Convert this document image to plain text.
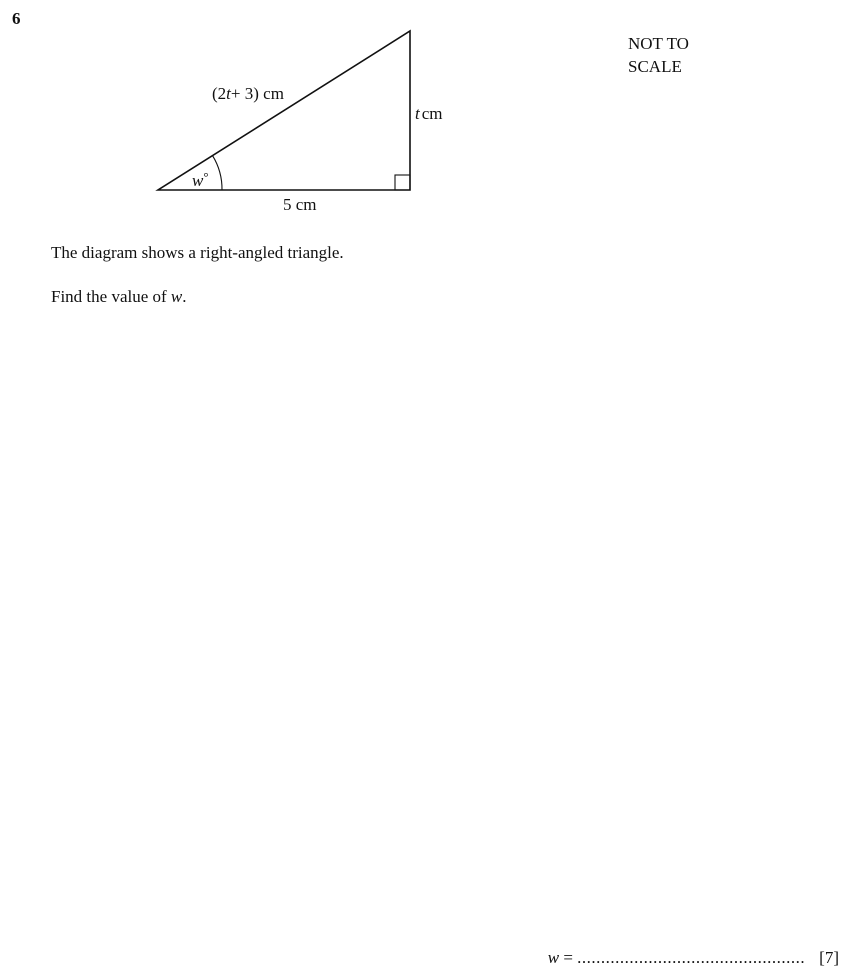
6
(2t+ 3) cm
t cm
5 cm
w°
NOT TO
SCALE
The diagram shows a right-angled triangle.
Find the value of w.
w = ................................................ [7]
